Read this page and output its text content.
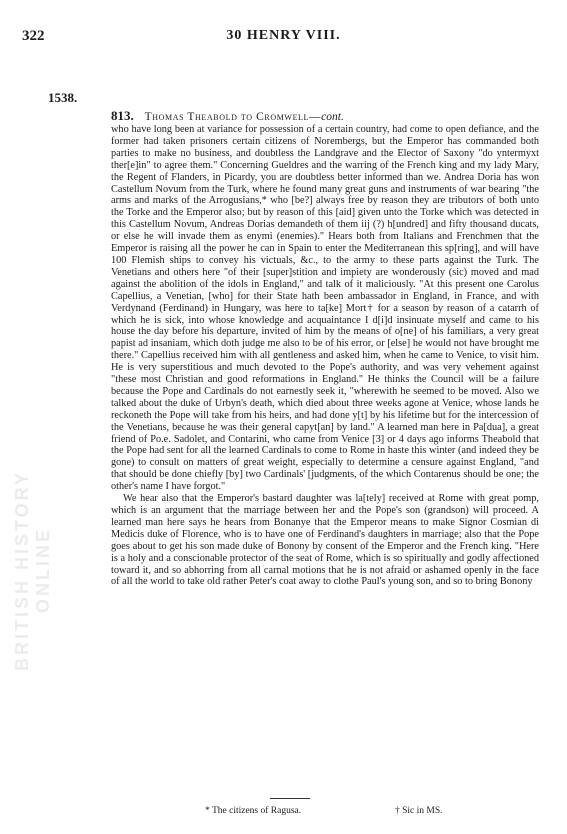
322	30 HENRY VIII.
1538.
813. Thomas Theabold to Cromwell—cont.

who have long been at variance for possession of a certain country, had come to open defiance, and the former had taken prisoners certain citizens of Norembergs, but the Emperor has commanded both parties to make no business, and doubtless the Landgrave and the Elector of Saxony "do yntermyxt ther[e]in" to agree them." Concerning Gueldres and the warring of the French king and my lady Mary, the Regent of Flanders, in Picardy, you are doubtless better informed than we. Andrea Doria has won Castellum Novum from the Turk, where he found many great guns and instruments of war bearing "the arms and marks of the Arrogusians,* who [be?] always free by reason they are tributors of both unto the Torke and the Emperor also; but by reason of this [aid] given unto the Torke which was detected in this Castellum Novum, Andreas Dorias demandeth of them iij (?) h[undred] and fifty thousand ducats, or else he will invade them as enymi (enemies)." Hears both from Italians and Frenchmen that the Emperor is raising all the power he can in Spain to enter the Mediterranean this sp[ring], and will have 100 Flemish ships to convey his victuals, &c., to the army to these parts against the Turk. The Venetians and others here "of their [super]stition and impiety are wonderously (sic) moved and mad against the abolition of the idols in England," and talk of it maliciously. "At this present one Carolus Capellius, a Venetian, [who] for their State hath been ambassador in England, in France, and with Verdynand (Ferdinand) in Hungary, was here to ta[ke] Mort† for a season by reason of a catarrh of which he is sick, into whose knowledge and acquaintance I d[i]d insinuate myself and came to his house the day before his departure, invited of him by the means of o[ne] of his familiars, a very great papist ad insaniam, which doth judge me also to be of his error, or [else] he would not have brought me there." Capellius received him with all gentleness and asked him, when he came to Venice, to visit him. He is very superstitious and much devoted to the Pope's authority, and was very vehement against "these most Christian and good reformations in England." He thinks the Council will be a failure because the Pope and Cardinals do not earnestly seek it, "wherewith he seemed to be moved. Also we talked about the duke of Urbyn's death, which died about three weeks agone at Venice, whose lands he reckoneth the Pope will take from his heirs, and had done y[t] by his lifetime but for the intercession of the Venetians, because he was their general capyt[an] by land." A learned man here in Pa[dua], a great friend of Po.e. Sadolet, and Contarini, who came from Venice [3] or 4 days ago informs Theabold that the Pope had sent for all the learned Cardinals to come to Rome in haste this winter (and indeed they be gone) to consult on matters of great weight, especially to determine a censure against England, "and that should be done chiefly [by] two Cardinals' [judgments, of the which Contarenus should be one; the other's name I have forgot."

We hear also that the Emperor's bastard daughter was la[tely] received at Rome with great pomp, which is an argument that the marriage between her and the Pope's son (grandson) will proceed. A learned man here says he hears from Bonanye that the Emperor means to make Signor Cosmian di Medicis duke of Florence, who is to have one of Ferdinand's daughters in marriage; also that the Pope goes about to get his son made duke of Bonony by consent of the Emperor and the French king. "Here is a holy and a conscionable protector of the seat of Rome, which is so spiritually and godly affectioned toward it, and so abhorring from all carnal motions that he is not afraid or ashamed openly in the face of all the world to take old rather Peter's coat away to clothe Paul's young son, and so to bring Bonony

* The citizens of Ragusa.	† Sic in MS.
BRITISH HISTORY ONLINE
